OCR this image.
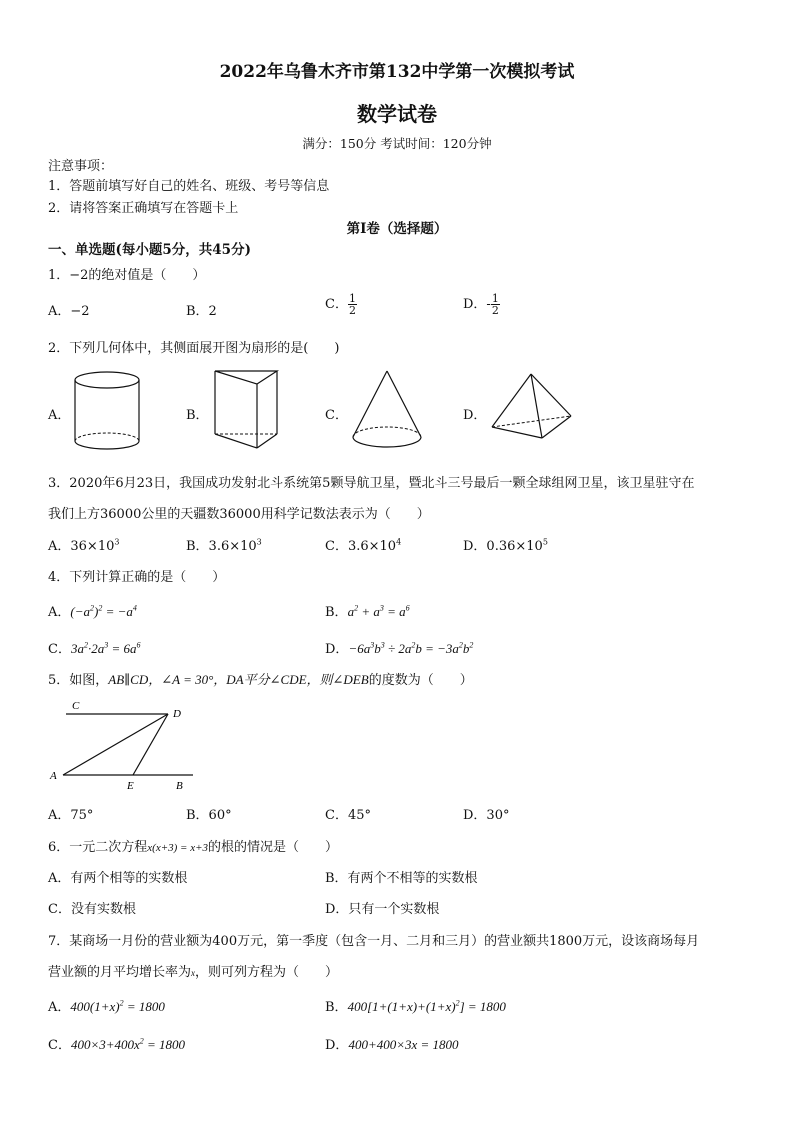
2022年乌鲁木齐市第132中学第一次模拟考试
数学试卷
满分：150分 考试时间：120分钟
注意事项：
1．答题前填写好自己的姓名、班级、考号等信息
2．请将答案正确填写在答题卡上
第I卷（选择题）
一、单选题(每小题5分，共45分)
1．−2的绝对值是（　　）
A．−2	B．2	C． $\frac{1}{2}$	D．- $\frac{1}{2}$
2．下列几何体中，其侧面展开图为扇形的是(　　)
A．	B．	C．	D．
3．2020年6月23日，我国成功发射北斗系统第5颗导航卫星，暨北斗三号最后一颗全球组网卫星，该卫星驻守在
我们上方36000公里的天疆数36000用科学记数法表示为（　　）
A．$36\times 10^3$	B．$3.6\times 10^3$	C．$3.6\times 10^4$	D．$0.36\times 10^5$
4．下列计算正确的是（　　）
A．$(-a^2)^2 = -a^4$	B．$a^2 + a^3 = a^6$
C．$3a^2\cdot 2a^3 = 6a^6$	D．$-6a^3b^3 \div 2a^2b = -3a^2b^2$
5．如图，AB∥CD，∠A = 30°，DA平分∠CDE，则∠DEB的度数为（　　）
C
D
A
E	B
A．75°	B．60°	C．45°	D．30°
6．一元二次方程x(x+3) = x+3的根的情况是（　　）
A．有两个相等的实数根	B．有两个不相等的实数根
C．没有实数根	D．只有一个实数根
7．某商场一月份的营业额为400万元，第一季度（包含一月、二月和三月）的营业额共1800万元，设该商场每月
营业额的月平均增长率为x，则可列方程为（　　）
A．$400(1+x)^2 = 1800$	B．$400[1+(1+x)+(1+x)^2] = 1800$
C．$400\times 3+400x^2 = 1800$	D．400+400×3x = 1800
